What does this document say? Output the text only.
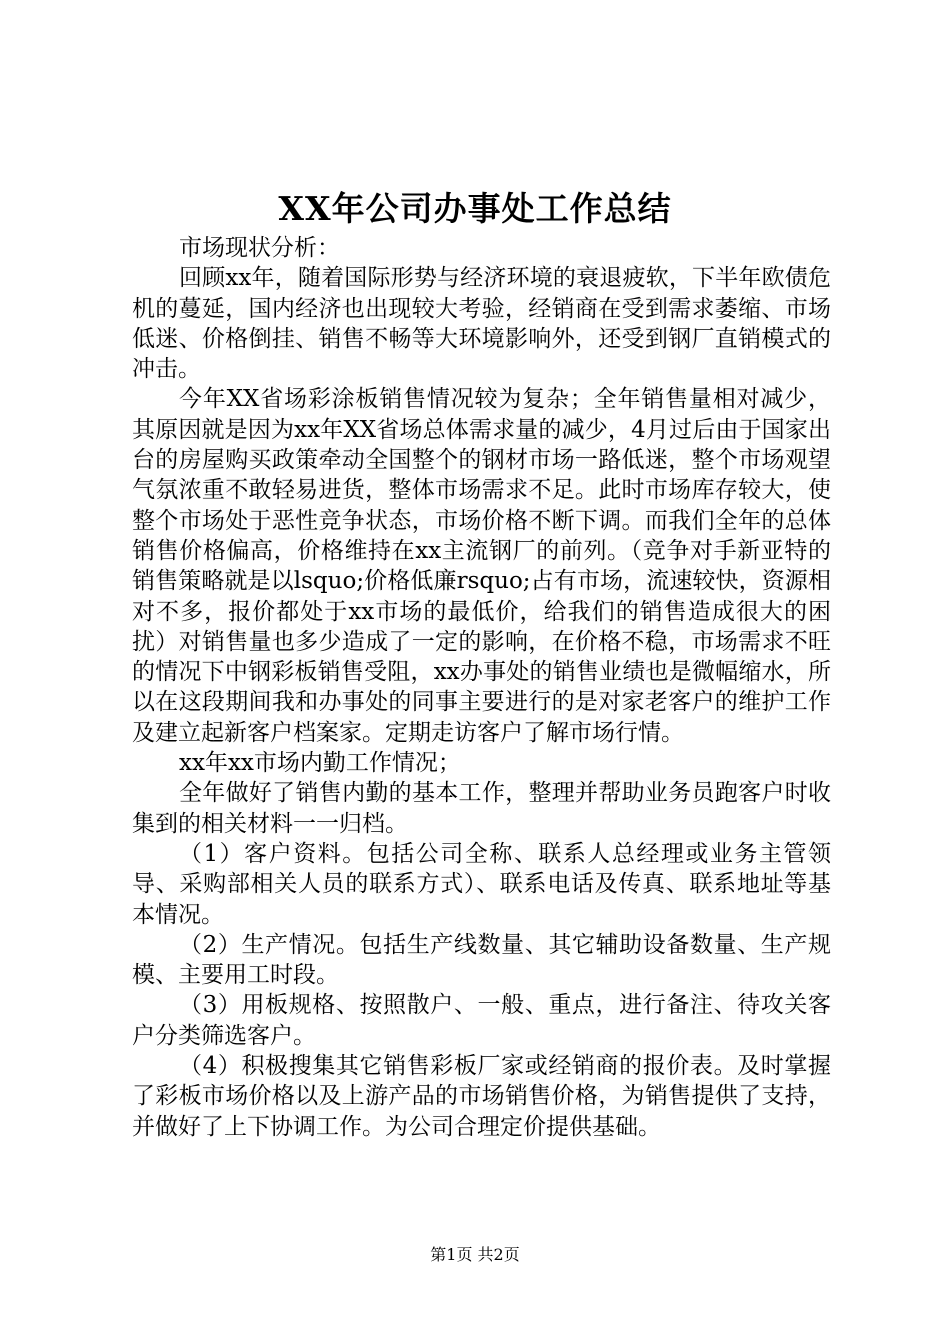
XX年公司办事处工作总结

市场现状分析：

回顾xx年，随着国际形势与经济环境的衰退疲软，下半年欧债危机的蔓延，国内经济也出现较大考验，经销商在受到需求萎缩、市场低迷、价格倒挂、销售不畅等大环境影响外，还受到钢厂直销模式的冲击。

今年XX省场彩涂板销售情况较为复杂；全年销售量相对减少，其原因就是因为xx年XX省场总体需求量的减少，4月过后由于国家出台的房屋购买政策牵动全国整个的钢材市场一路低迷，整个市场观望气氛浓重不敢轻易进货，整体市场需求不足。此时市场库存较大，使整个市场处于恶性竞争状态，市场价格不断下调。而我们全年的总体销售价格偏高，价格维持在xx主流钢厂的前列。（竞争对手新亚特的销售策略就是以lsquo;价格低廉rsquo;占有市场，流速较快，资源相对不多，报价都处于xx市场的最低价，给我们的销售造成很大的困扰）对销售量也多少造成了一定的影响，在价格不稳，市场需求不旺的情况下中钢彩板销售受阻，xx办事处的销售业绩也是微幅缩水，所以在这段期间我和办事处的同事主要进行的是对家老客户的维护工作及建立起新客户档案家。定期走访客户了解市场行情。

xx年xx市场内勤工作情况；

全年做好了销售内勤的基本工作，整理并帮助业务员跑客户时收集到的相关材料一一归档。

（1）客户资料。包括公司全称、联系人总经理或业务主管领导、采购部相关人员的联系方式）、联系电话及传真、联系地址等基本情况。

（2）生产情况。包括生产线数量、其它辅助设备数量、生产规模、主要用工时段。

（3）用板规格、按照散户、一般、重点，进行备注、待攻关客户分类筛选客户。

（4）积极搜集其它销售彩板厂家或经销商的报价表。及时掌握了彩板市场价格以及上游产品的市场销售价格，为销售提供了支持，并做好了上下协调工作。为公司合理定价提供基础。

第1页 共2页
